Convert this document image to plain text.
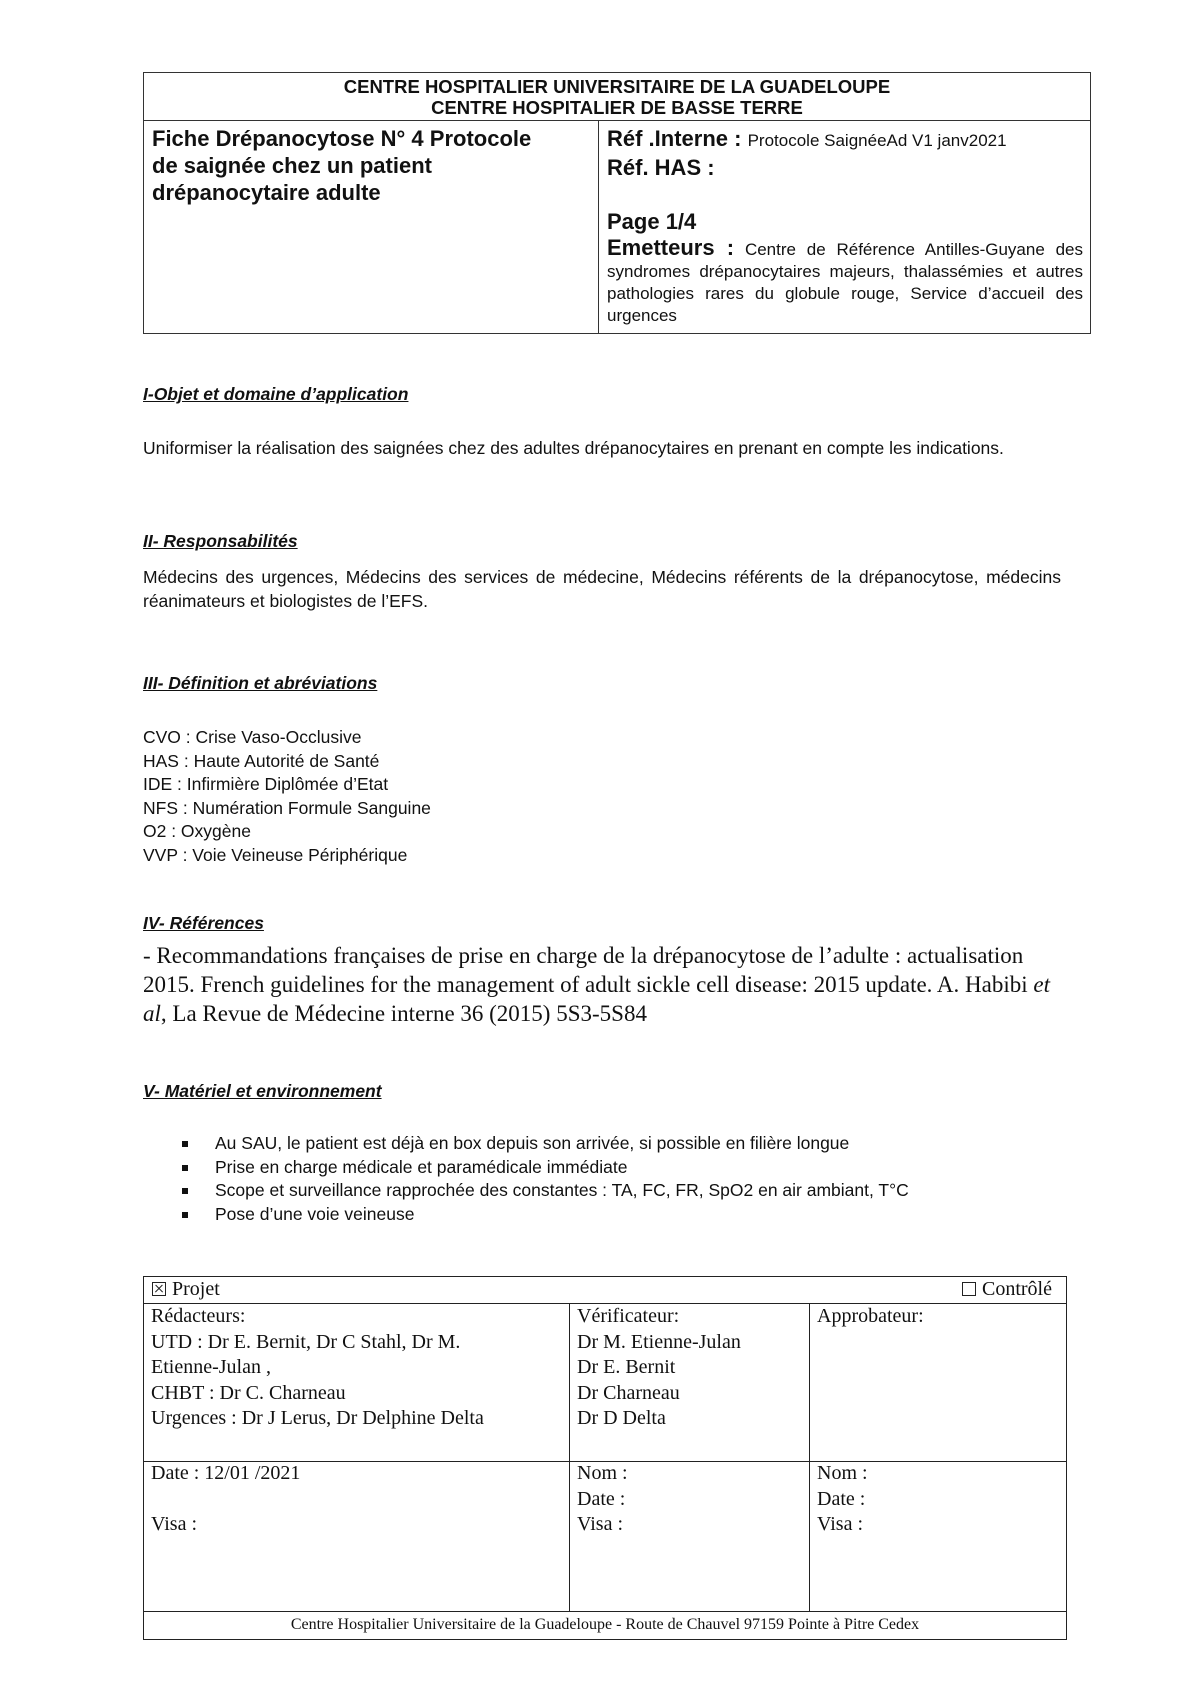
CENTRE HOSPITALIER UNIVERSITAIRE DE LA GUADELOUPE
CENTRE HOSPITALIER DE BASSE TERRE
Fiche Drépanocytose N° 4 Protocole
de saignée chez un patient
drépanocytaire adulte
Réf .Interne : Protocole SaignéeAd V1 janv2021
Réf. HAS :
Page 1/4
Emetteurs : Centre de Référence Antilles-Guyane des syndromes drépanocytaires majeurs, thalassémies et autres pathologies rares du globule rouge, Service d’accueil des urgences
I-Objet et domaine d’application
Uniformiser la réalisation des saignées chez des adultes drépanocytaires en prenant en compte les indications.
II- Responsabilités
Médecins des urgences, Médecins des services de médecine, Médecins référents de la drépanocytose, médecins réanimateurs et biologistes de l’EFS.
III- Définition et abréviations
CVO : Crise Vaso-Occlusive
HAS : Haute Autorité de Santé
IDE : Infirmière Diplômée d’Etat
NFS : Numération Formule Sanguine
O2 : Oxygène
VVP : Voie Veineuse Périphérique
IV- Références
- Recommandations françaises de prise en charge de la drépanocytose de l’adulte : actualisation 2015. French guidelines for the management of adult sickle cell disease: 2015 update. A. Habibi et al, La Revue de Médecine interne 36 (2015) 5S3-5S84
V- Matériel et environnement
Au SAU, le patient est déjà en box depuis son arrivée, si possible en filière longue
Prise en charge médicale et paramédicale immédiate
Scope et surveillance rapprochée des constantes : TA, FC, FR, SpO2 en air ambiant, T°C
Pose d’une voie veineuse
Projet	Contrôlé
Rédacteurs:
UTD : Dr E. Bernit, Dr C Stahl, Dr M.
Etienne-Julan ,
CHBT : Dr C. Charneau
Urgences : Dr J Lerus, Dr Delphine Delta
Vérificateur:
Dr M. Etienne-Julan
Dr E. Bernit
Dr Charneau
Dr D Delta
Approbateur:
Date : 12/01 /2021
Visa :
Nom :
Date :
Visa :
Nom :
Date :
Visa :
Centre Hospitalier Universitaire de la Guadeloupe - Route de Chauvel 97159 Pointe à Pitre Cedex
